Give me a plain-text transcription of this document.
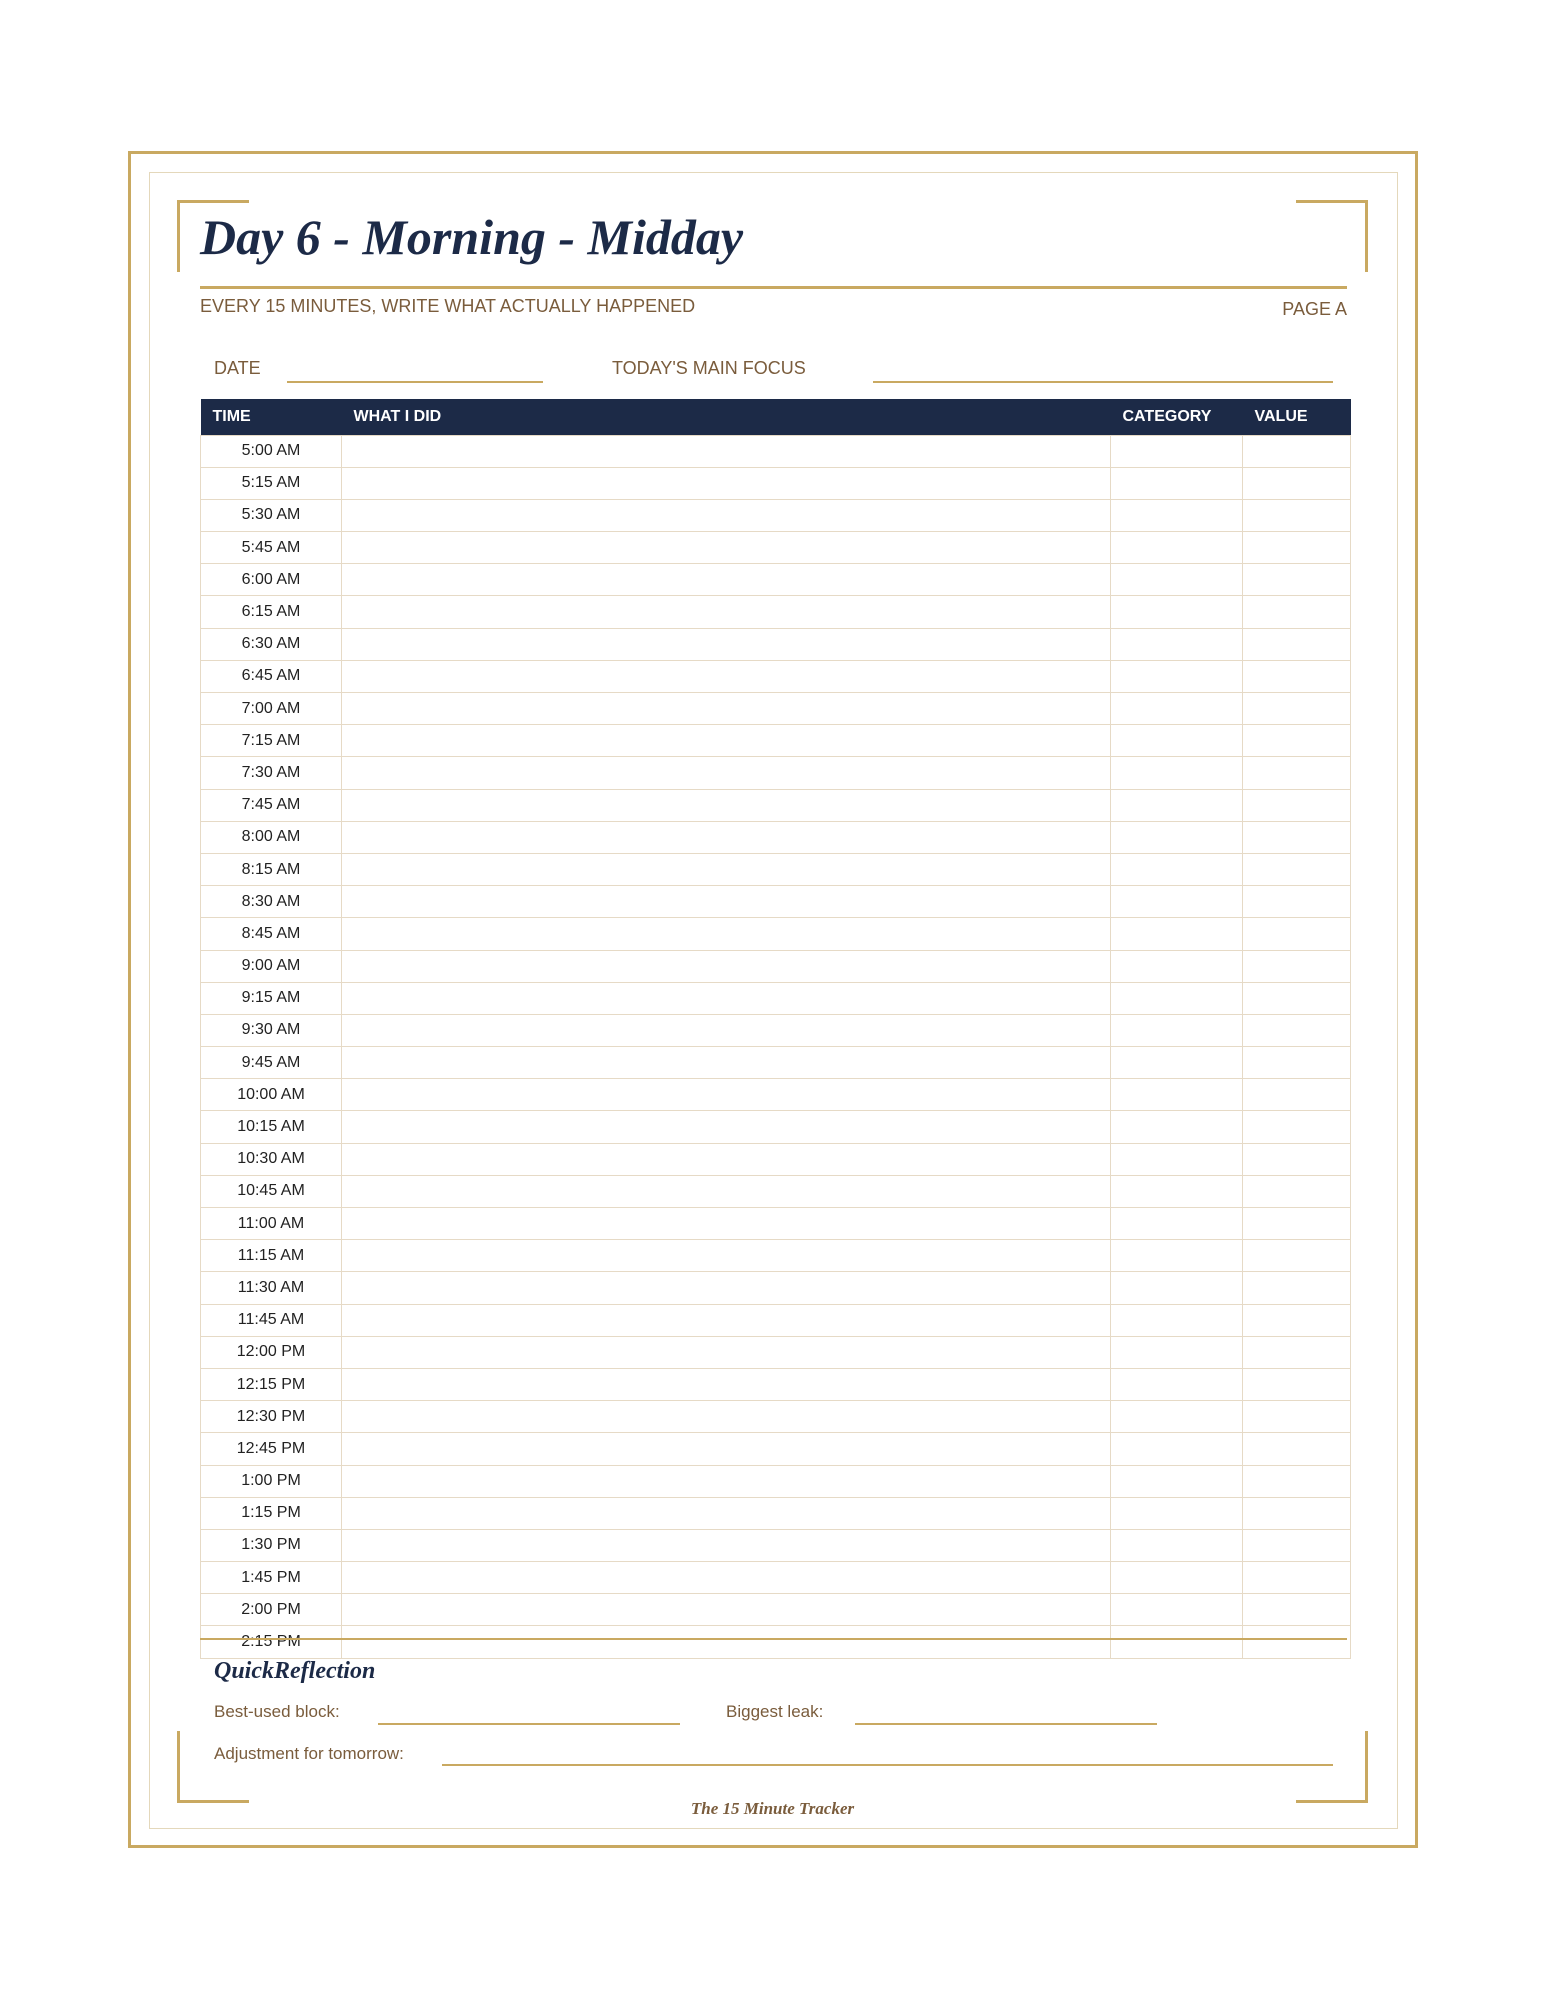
Day 6 - Morning - Midday
EVERY 15 MINUTES, WRITE WHAT ACTUALLY HAPPENED	PAGE A
DATE	TODAY'S MAIN FOCUS
TIME	WHAT I DID	CATEGORY	VALUE
5:00 AM			
5:15 AM			
5:30 AM			
5:45 AM			
6:00 AM			
6:15 AM			
6:30 AM			
6:45 AM			
7:00 AM			
7:15 AM			
7:30 AM			
7:45 AM			
8:00 AM			
8:15 AM			
8:30 AM			
8:45 AM			
9:00 AM			
9:15 AM			
9:30 AM			
9:45 AM			
10:00 AM			
10:15 AM			
10:30 AM			
10:45 AM			
11:00 AM			
11:15 AM			
11:30 AM			
11:45 AM			
12:00 PM			
12:15 PM			
12:30 PM			
12:45 PM			
1:00 PM			
1:15 PM			
1:30 PM			
1:45 PM			
2:00 PM			
2:15 PM			
QuickReflection
Best-used block:	Biggest leak:
Adjustment for tomorrow:
The 15 Minute Tracker
